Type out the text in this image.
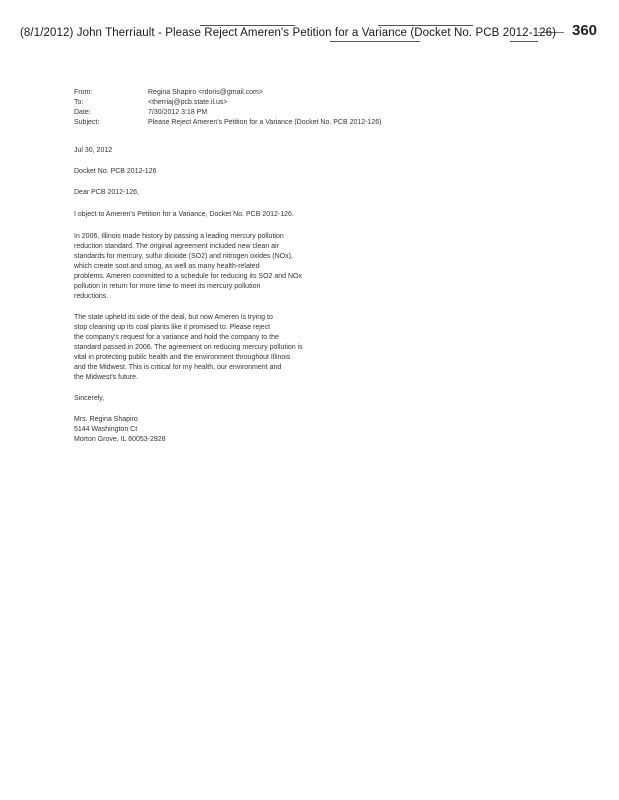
(8/1/2012) John Therriault - Please Reject Ameren's Petition for a Variance (Docket No. PCB 2012-126) 360
From:	Regina Shapiro <rdoris@gmail.com>
To:	<therriaj@pcb.state.il.us>
Date:	7/30/2012 3:18 PM
Subject:	Please Reject Ameren's Petition for a Variance (Docket No. PCB 2012-126)

Jul 30, 2012

Docket No. PCB 2012-126

Dear PCB 2012-126,

I object to Ameren's Petition for a Variance, Docket No. PCB 2012-126.

In 2006, Illinois made history by passing a leading mercury pollution

reduction standard. The original agreement included new clean air

standards for mercury, sulfur dioxide (SO2) and nitrogen oxides (NOx),

which create soot and smog, as well as many health-related

problems. Ameren committed to a schedule for reducing its SO2 and NOx

pollution in return for more time to meet its mercury pollution

reductions.

The state upheld its side of the deal, but now Ameren is trying to

stop cleaning up its coal plants like it promised to. Please reject

the company's request for a variance and hold the company to the

standard passed in 2006. The agreement on reducing mercury pollution is

vital in protecting public health and the environment throughout Illinois

and the Midwest. This is critical for my health, our environment and

the Midwest's future.

Sincerely,

Mrs. Regina Shapiro

5144 Washington Ct

Morton Grove, IL 60053-2928
